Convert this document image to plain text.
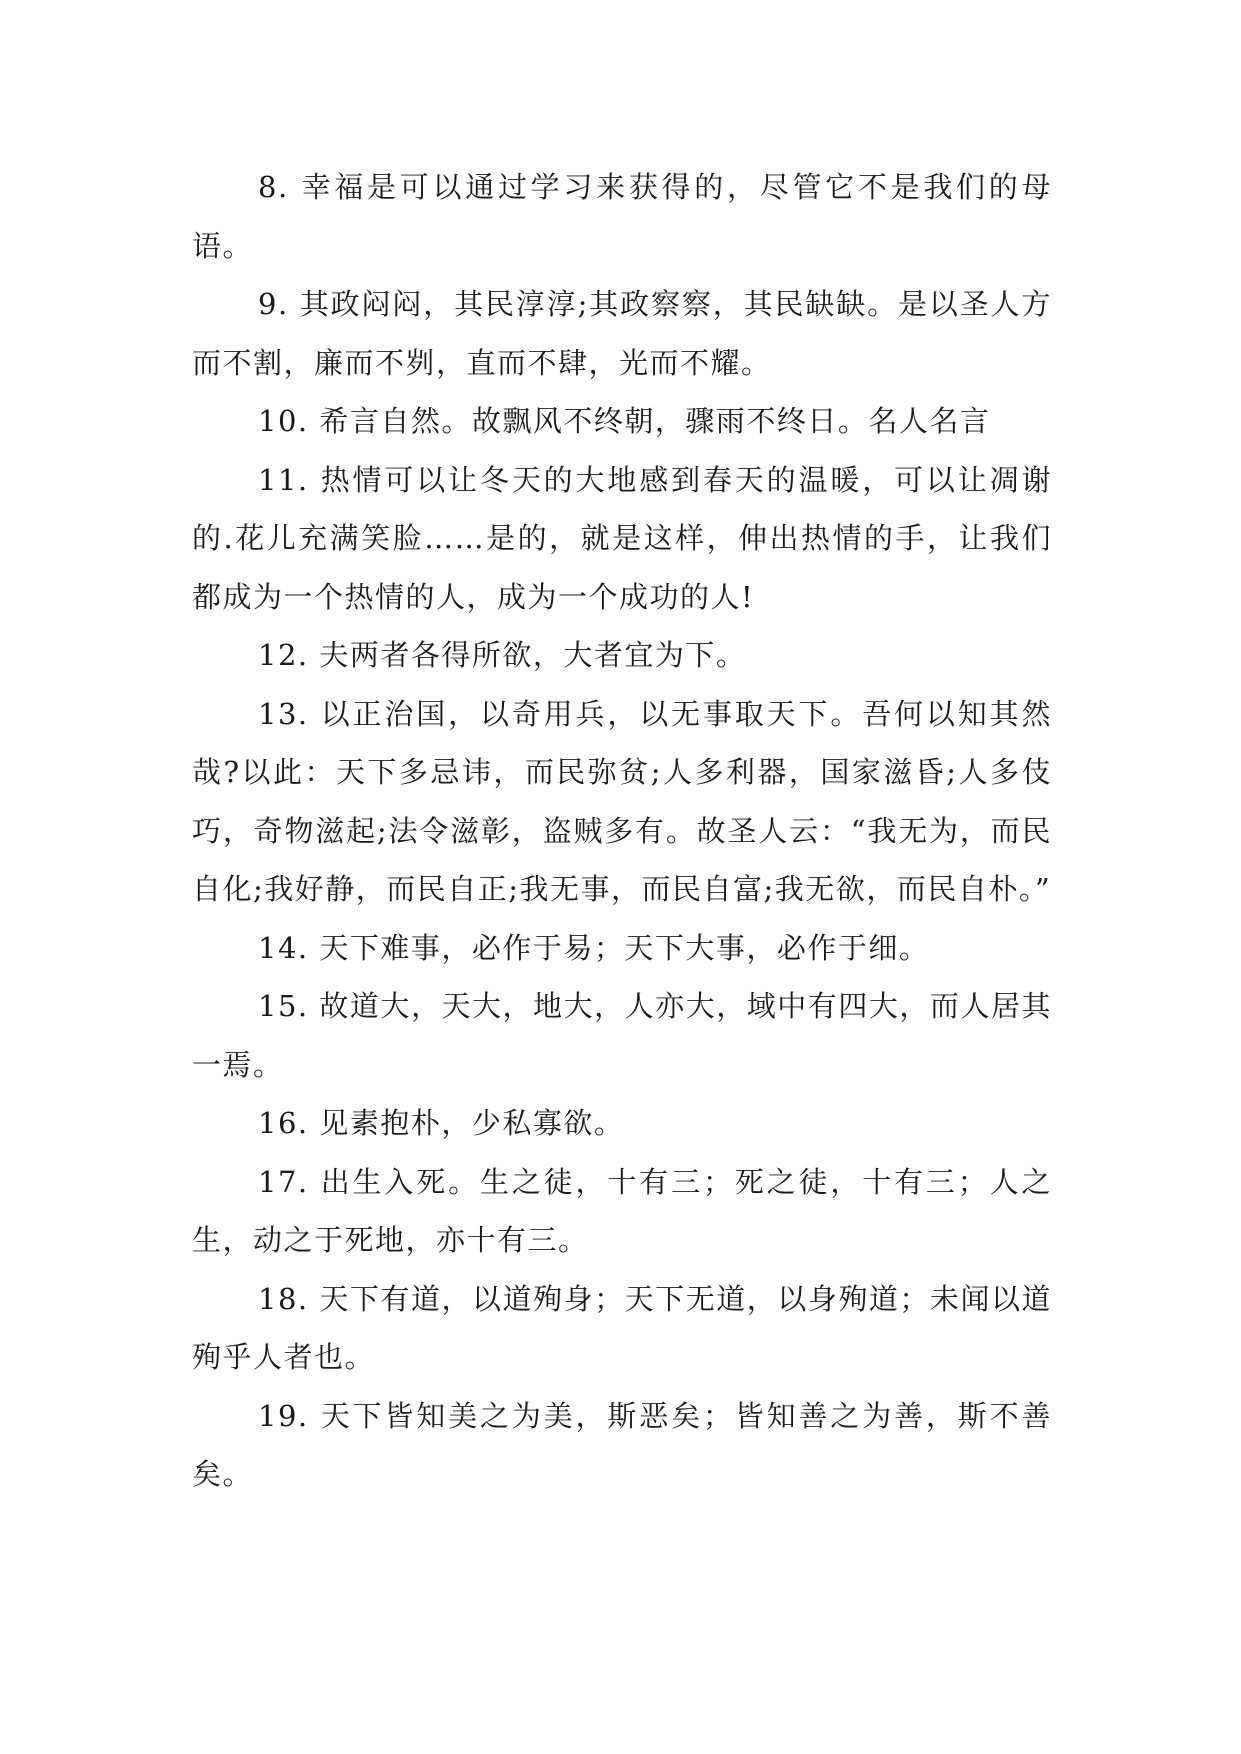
8. 幸福是可以通过学习来获得的，尽管它不是我们的母语。

9. 其政闷闷，其民淳淳;其政察察，其民缺缺。是以圣人方而不割，廉而不刿，直而不肆，光而不耀。

10. 希言自然。故飘风不终朝，骤雨不终日。名人名言

11. 热情可以让冬天的大地感到春天的温暖，可以让凋谢的.花儿充满笑脸……是的，就是这样，伸出热情的手，让我们都成为一个热情的人，成为一个成功的人!

12. 夫两者各得所欲，大者宜为下。

13. 以正治国，以奇用兵，以无事取天下。吾何以知其然哉?以此：天下多忌讳，而民弥贫;人多利器，国家滋昏;人多伎巧，奇物滋起;法令滋彰，盗贼多有。故圣人云：“我无为，而民自化;我好静，而民自正;我无事，而民自富;我无欲，而民自朴。”

14. 天下难事，必作于易；天下大事，必作于细。

15. 故道大，天大，地大，人亦大，域中有四大，而人居其一焉。

16. 见素抱朴，少私寡欲。

17. 出生入死。生之徒，十有三；死之徒，十有三；人之生，动之于死地，亦十有三。

18. 天下有道，以道殉身；天下无道，以身殉道；未闻以道殉乎人者也。

19. 天下皆知美之为美，斯恶矣；皆知善之为善，斯不善矣。
